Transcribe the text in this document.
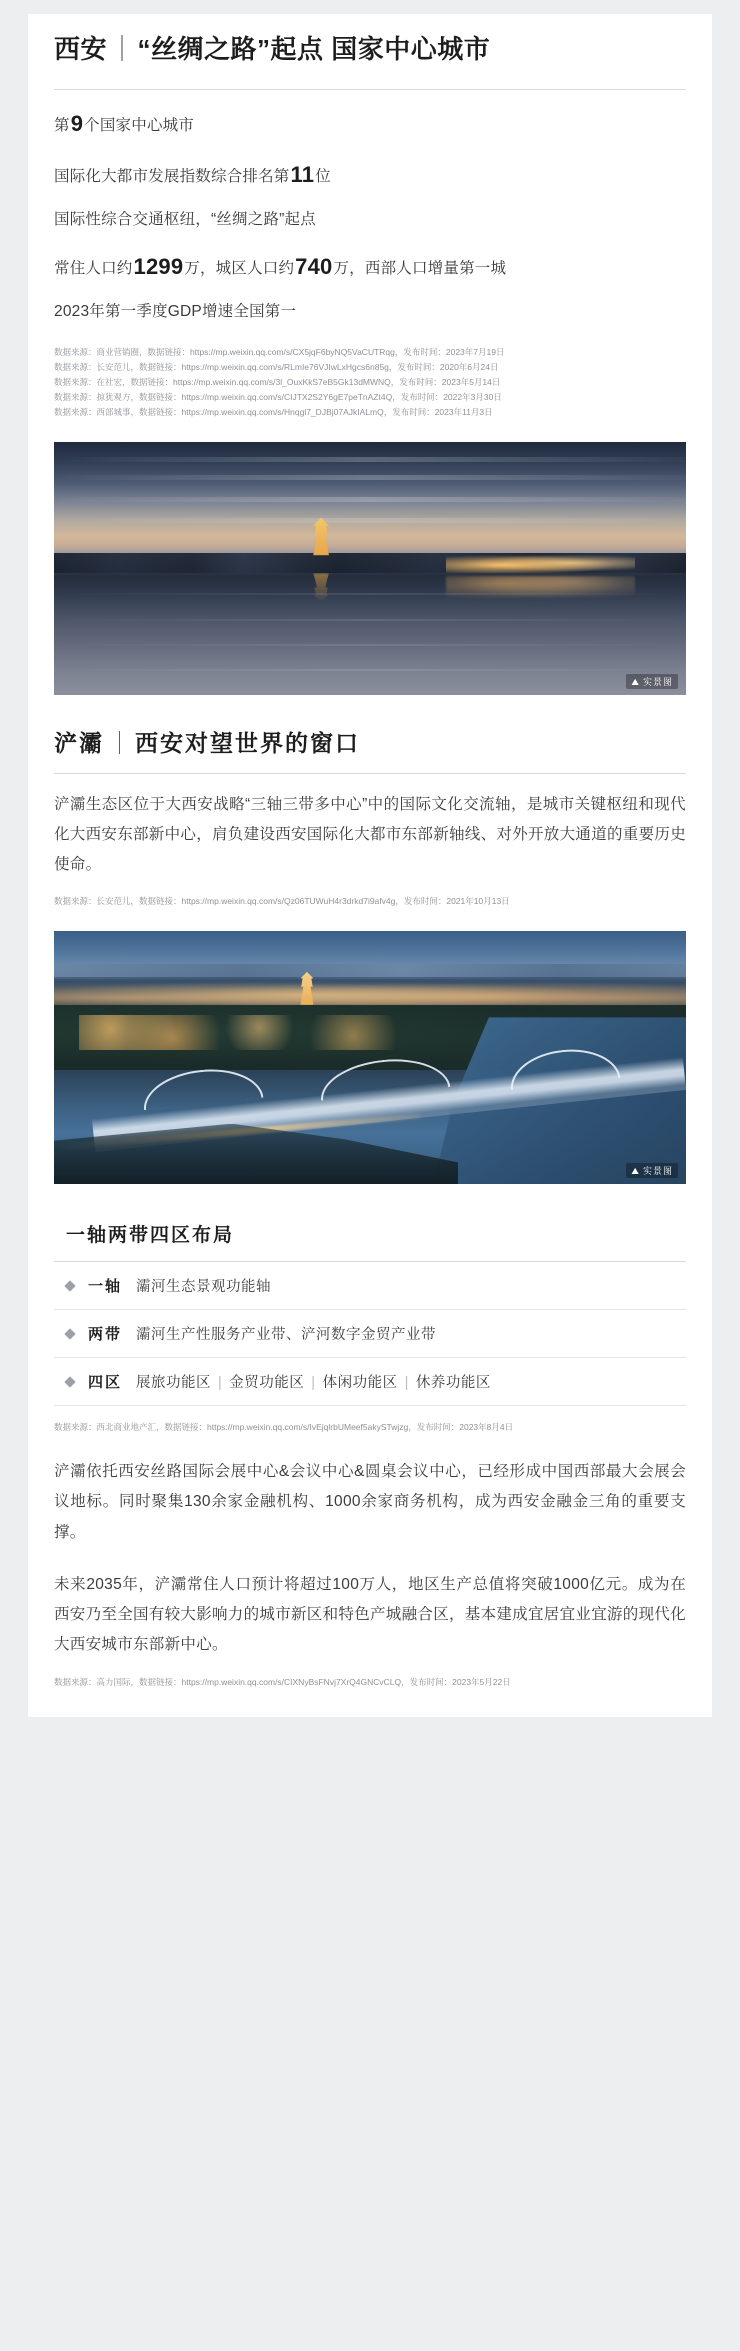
西安｜“丝绸之路”起点 国家中心城市
第9个国家中心城市
国际化大都市发展指数综合排名第11位
国际性综合交通枢纽，“丝绸之路”起点
常住人口约1299万，城区人口约740万，西部人口增量第一城
2023年第一季度GDP增速全国第一
数据来源：商业营销圈，数据链接：https://mp.weixin.qq.com/s/CX5jqF6byNQ5VaCUTRqg，发布时间：2023年7月19日
数据来源：长安范儿，数据链接：https://mp.weixin.qq.com/s/RLmIe76VJIwLxHgcs6n85g，发布时间：2020年6月24日
数据来源：在社宏，数据链接：https://mp.weixin.qq.com/s/3l_OuxKkS7eB5Gk13dMWNQ，发布时间：2023年5月14日
数据来源：掠犹观方，数据链接：https://mp.weixin.qq.com/s/CIJTX2S2Y6gE7peTnAZt4Q，发布时间：2022年3月30日
数据来源：西部城事，数据链接：https://mp.weixin.qq.com/s/Hnqgl7_DJBj07AJkIALmQ，发布时间：2023年11月3日
⛰ 实景图
浐灞 ｜ 西安对望世界的窗口
浐灞生态区位于大西安战略“三轴三带多中心”中的国际文化交流轴，是城市关键枢纽和现代化大西安东部新中心，肩负建设西安国际化大都市东部新轴线、对外开放大通道的重要历史使命。
数据来源：长安范儿，数据链接：https://mp.weixin.qq.com/s/Qz06TUWuH4r3drkd7i9afv4g，发布时间：2021年10月13日
⛰ 实景图
一轴两带四区布局
一轴 灞河生态景观功能轴
两带 灞河生产性服务产业带、浐河数字金贸产业带
四区 展旅功能区 | 金贸功能区 | 体闲功能区 | 休养功能区
数据来源：西北商业地产汇，数据链接：https://mp.weixin.qq.com/s/IvEjqlrbUMeef5akySTwjzg，发布时间：2023年8月4日
浐灞依托西安丝路国际会展中心&会议中心&圆桌会议中心，已经形成中国西部最大会展会议地标。同时聚集130余家金融机构、1000余家商务机构，成为西安金融金三角的重要支撑。
未来2035年，浐灞常住人口预计将超过100万人，地区生产总值将突破1000亿元。成为在西安乃至全国有较大影响力的城市新区和特色产城融合区，基本建成宜居宜业宜游的现代化大西安城市东部新中心。
数据来源：高力国际，数据链接：https://mp.weixin.qq.com/s/CIXNyBsFNvj7XrQ4GNCvCLQ，发布时间：2023年5月22日
